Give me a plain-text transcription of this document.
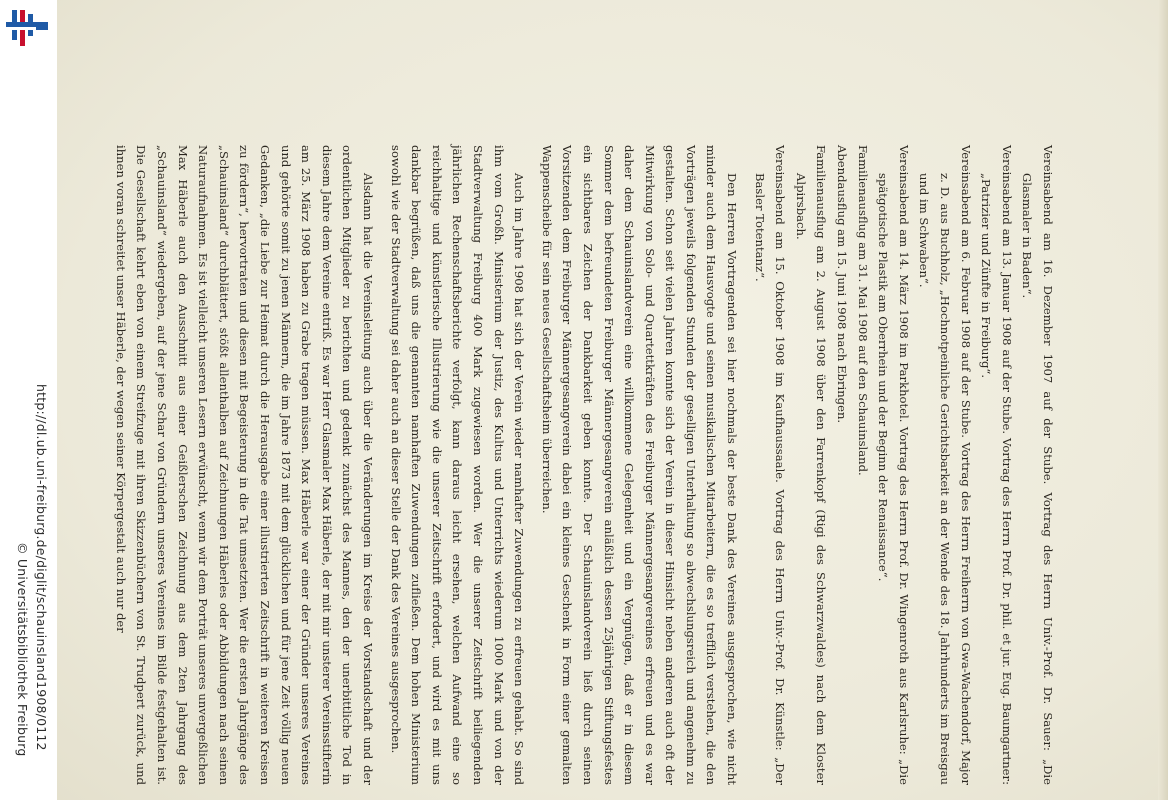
http://dl.ub.uni-freiburg.de/diglit/schauinsland1908/0112
© Universitätsbibliothek Freiburg	Vereinsabend am 16. Dezember 1907 auf der Stube. Vortrag des Herrn Univ.-Prof. Dr. Sauer: „Die Glasmaler in Baden“.

Vereinsabend am 13. Januar 1908 auf der Stube. Vortrag des Herrn Prof. Dr. phil. et jur. Eug. Baumgartner: „Patrizier und Zünfte in Freiburg“.

Vereinsabend am 6. Februar 1908 auf der Stube. Vortrag des Herrn Freiherrn von Gwa-Wachendorf, Major z. D. aus Buchholz, „Hochnotpeinliche Gerichtsbarkeit an der Wende des 18. Jahrhunderts im Breisgau und im Schwaben“.

Vereinsabend am 14. März 1908 im Parkhotel. Vortrag des Herrn Prof. Dr. Wingenroth aus Karlsruhe: „Die spätgotische Plastik am Oberrhein und der Beginn der Renaissance“.

Familienausflug am 31. Mai 1908 auf den Schauinsland.

Abendausflug am 15. Juni 1908 nach Ebringen.

Familienausflug am 2. August 1908 über den Farrenkopf (Rigi des Schwarzwaldes) nach dem Kloster Alpirsbach.

Vereinsabend am 15. Oktober 1908 im Kaufhaussaale. Vortrag des Herrn Univ.-Prof. Dr. Künstle: „Der Basler Totentanz“.

Den Herren Vortragenden sei hier nochmals der beste Dank des Vereines ausgesprochen, wie nicht minder auch dem Hausvogte und seinen musikalischen Mitarbeitern, die es so trefflich verstehen, die den Vorträgen jeweils folgenden Stunden der geselligen Unterhaltung so abwechslungsreich und angenehm zu gestalten. Schon seit vielen Jahren konnte sich der Verein in dieser Hinsicht neben anderen auch oft der Mitwirkung von Solo- und Quartettkräften des Freiburger Männergesangvereines erfreuen und es war daher dem Schauinslandverein eine willkommene Gelegenheit und ein Vergnügen, daß er in diesem Sommer dem befreundeten Freiburger Männergesangverein anläßlich dessen 25jährigen Stiftungsfestes ein sichtbares Zeichen der Dankbarkeit geben konnte. Der Schauinslandverein ließ durch seinen Vorsitzenden dem Freiburger Männergesangverein dabei ein kleines Geschenk in Form einer gemalten Wappenscheibe für sein neues Gesellschaftsheim überreichen.

Auch im Jahre 1908 hat sich der Verein wieder namhafter Zuwendungen zu erfreuen gehabt. So sind ihm vom Großh. Ministerium der Justiz, des Kultus und Unterrichts wiederum 1000 Mark und von der Stadtverwaltung Freiburg 400 Mark zugewiesen worden. Wer die unserer Zeitschrift beiliegenden jährlichen Rechenschaftsberichte verfolgt, kann daraus leicht ersehen, welchen Aufwand eine so reichhaltige und künstlerische Illustrierung wie die unserer Zeitschrift erfordert, und wird es mit uns dankbar begrüßen, daß uns die genannten namhaften Zuwendungen zufließen. Dem hohen Ministerium sowohl wie der Stadtverwaltung sei daher auch an dieser Stelle der Dank des Vereines ausgesprochen.

Alsdann hat die Vereinsleitung auch über die Veränderungen im Kreise der Vorstandschaft und der ordentlichen Mitglieder zu berichten und gedenkt zunächst des Mannes, den der unerbittliche Tod in diesem Jahre dem Vereine entriß. Es war Herr Glasmaler Max Häberle, der mit mir unsterer Vereinsstifterin am 25. März 1908 haben zu Grabe tragen müssen. Max Häberle war einer der Gründer unseres Vereines und gehörte somit zu jenen Männern, die im Jahre 1873 mit dem glücklichen und für jene Zeit völlig neuen Gedanken, „die Liebe zur Heimat durch die Herausgabe einer illustrierten Zeitschrift in weiteren Kreisen zu fördern“, hervortraten und diesen mit Begeisterung in die Tat umsetzten. Wer die ersten Jahrgänge des „Schauinsland“ durchblättert, stößt allenthalben auf Zeichnungen Häberles oder Abbildungen nach seinen Naturaufnahmen. Es ist vielleicht unseren Lesern erwünscht, wenn wir dem Porträt unseres unvergeßlichen Max Häberle auch den Ausschnitt aus einer Geißlerschen Zeichnung aus dem 2ten Jahrgang des „Schauinsland“ wiedergeben, auf der jene Schar von Gründern unseres Vereines im Bilde festgehalten ist. Die Gesellschaft kehrt eben von einem Streifzuge mit ihren Skizzenbüchern von St. Trudpert zurück, und ihnen voran schreitet unser Häberle, der wegen seiner Körpergestalt auch nur der
